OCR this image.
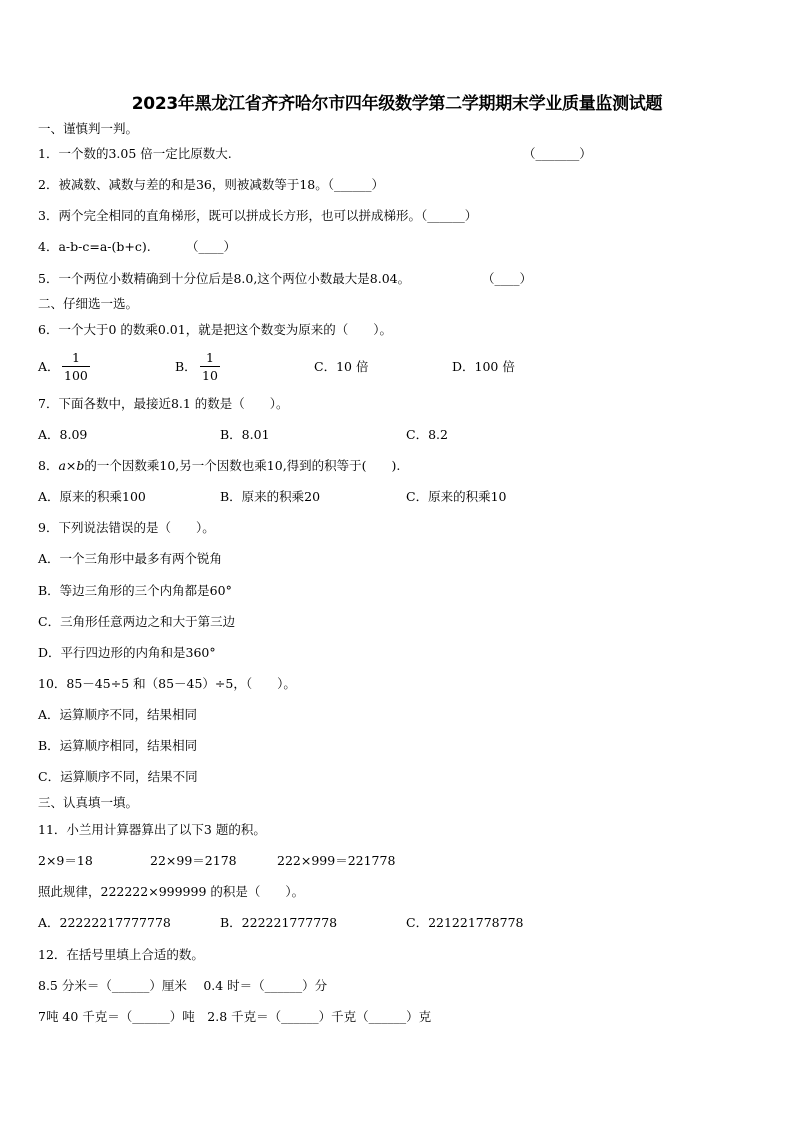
2023年黑龙江省齐齐哈尔市四年级数学第二学期期末学业质量监测试题
一、谨慎判一判。
1．一个数的3.05 倍一定比原数大.	（_______）
2．被减数、减数与差的和是36，则被减数等于18。（______）
3．两个完全相同的直角梯形，既可以拼成长方形，也可以拼成梯形。（______）
4．a-b-c=a-(b+c).	（____）
5．一个两位小数精确到十分位后是8.0,这个两位小数最大是8.04。	（____）
二、仔细选一选。
6．一个大于0 的数乘0.01，就是把这个数变为原来的（　　）。
A． $\frac{1}{100}$	B． $\frac{1}{10}$	C．10 倍	D．100 倍
7．下面各数中，最接近8.1 的数是（　　）。
A．8.09	B．8.01	C．8.2
8．a×b的一个因数乘10,另一个因数也乘10,得到的积等于(　　).
A．原来的积乘100	B．原来的积乘20	C．原来的积乘10
9．下列说法错误的是（　　）。
A．一个三角形中最多有两个锐角
B．等边三角形的三个内角都是60°
C．三角形任意两边之和大于第三边
D．平行四边形的内角和是360°
10．85－45÷5 和（85－45）÷5，（　　）。
A．运算顺序不同，结果相同
B．运算顺序相同，结果相同
C．运算顺序不同，结果不同
三、认真填一填。
11．小兰用计算器算出了以下3 题的积。
2×9＝18	22×99＝2178	222×999＝221778
照此规律，222222×999999 的积是（　　）。
A．22222217777778	B．222221777778	C．221221778778
12．在括号里填上合适的数。
8.5 分米＝（______）厘米　 0.4 时＝（______）分
7吨 40 千克＝（______）吨　2.8 千克＝（______）千克（______）克
